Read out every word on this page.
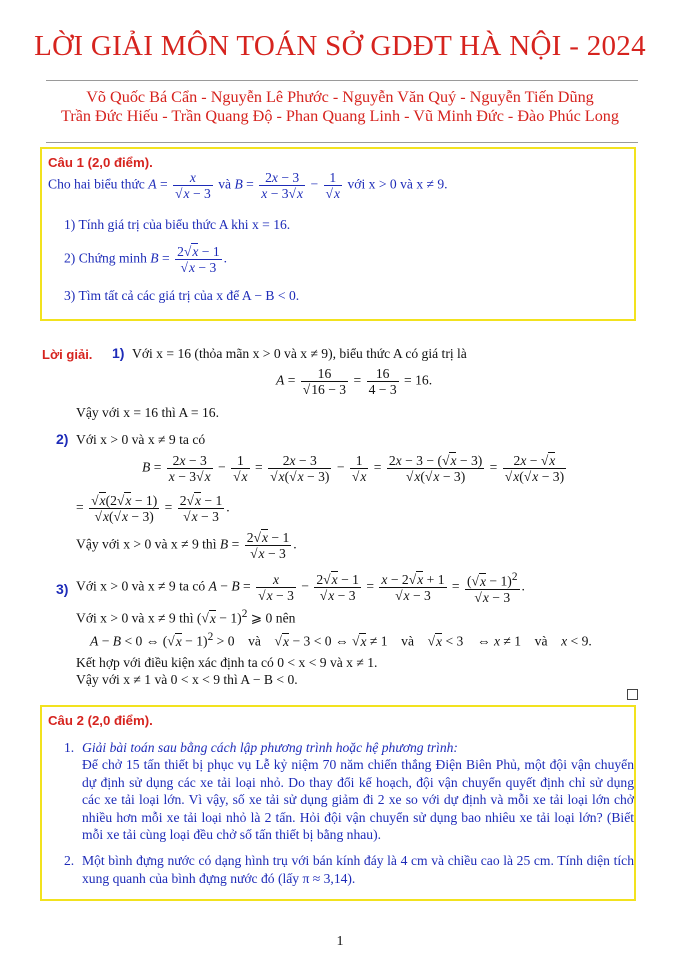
LỜI GIẢI MÔN TOÁN SỞ GDĐT HÀ NỘI - 2024
Võ Quốc Bá Cẩn - Nguyễn Lê Phước - Nguyễn Văn Quý - Nguyễn Tiến Dũng
Trần Đức Hiếu - Trần Quang Độ - Phan Quang Linh - Vũ Minh Đức - Đào Phúc Long
Câu 1 (2,0 điểm).
Cho hai biểu thức $A = \frac{x}{√x - 3}$ và $B = \frac{2x - 3}{x - 3√x} - \frac{1}{√x}$ với x > 0 và x ≠ 9.
1) Tính giá trị của biểu thức A khi x = 16.
2) Chứng minh $B = \frac{2√x - 1}{√x - 3}$ .
3) Tìm tất cả các giá trị của x để A − B < 0.
Lời giải. 1) Với x = 16 (thỏa mãn x > 0 và x ≠ 9), biểu thức A có giá trị là
$A = \frac{16}{√16 - 3} = \frac{16}{4 - 3} = 16$.
Vậy với x = 16 thì A = 16.
2) Với x > 0 và x ≠ 9 ta có
$B = \frac{2x - 3}{x - 3√x} - \frac{1}{√x} = \frac{2x - 3}{√x(√x - 3)} - \frac{1}{√x} = \frac{2x - 3 - (√x - 3)}{√x(√x - 3)} = \frac{2x - √x}{√x(√x - 3)}$
= $\frac{√x(2√x - 1)}{√x(√x - 3)} = \frac{2√x - 1}{√x - 3}$ .
Vậy với x > 0 và x ≠ 9 thì $B = \frac{2√x - 1}{√x - 3}$ .
3) Với x > 0 và x ≠ 9 ta có $A - B = \frac{x}{√x - 3} - \frac{2√x - 1}{√x - 3} = \frac{x - 2√x + 1}{√x - 3} = \frac{(√x - 1)^2}{√x - 3}$ .
Với x > 0 và x ≠ 9 thì $(√x - 1)^2$ ⩾ 0 nên
A − B < 0 ⇔ $(√x - 1)^2 > 0$    và    √x − 3 < 0 ⇔ √x ≠ 1    và    √x < 3    ⇔ x ≠ 1    và x < 9.
Kết hợp với điều kiện xác định ta có 0 < x < 9 và x ≠ 1.
Vậy với x ≠ 1 và 0 < x < 9 thì A − B < 0.
Câu 2 (2,0 điểm).
1. Giải bài toán sau bằng cách lập phương trình hoặc hệ phương trình:
Để chở 15 tấn thiết bị phục vụ Lễ kỷ niệm 70 năm chiến thắng Điện Biên Phủ, một đội vận chuyển dự định sử dụng các xe tải loại nhỏ. Do thay đổi kế hoạch, đội vận chuyển quyết định chỉ sử dụng các xe tải loại lớn. Vì vậy, số xe tải sử dụng giảm đi 2 xe so với dự định và mỗi xe tải loại lớn chở nhiều hơn mỗi xe tải loại nhỏ là 2 tấn. Hỏi đội vận chuyển sử dụng bao nhiêu xe tải loại lớn? (Biết mỗi xe tải cùng loại đều chở số tấn thiết bị bằng nhau).
2. Một bình đựng nước có dạng hình trụ với bán kính đáy là 4 cm và chiều cao là 25 cm. Tính diện tích xung quanh của bình đựng nước đó (lấy π ≈ 3,14).
1
